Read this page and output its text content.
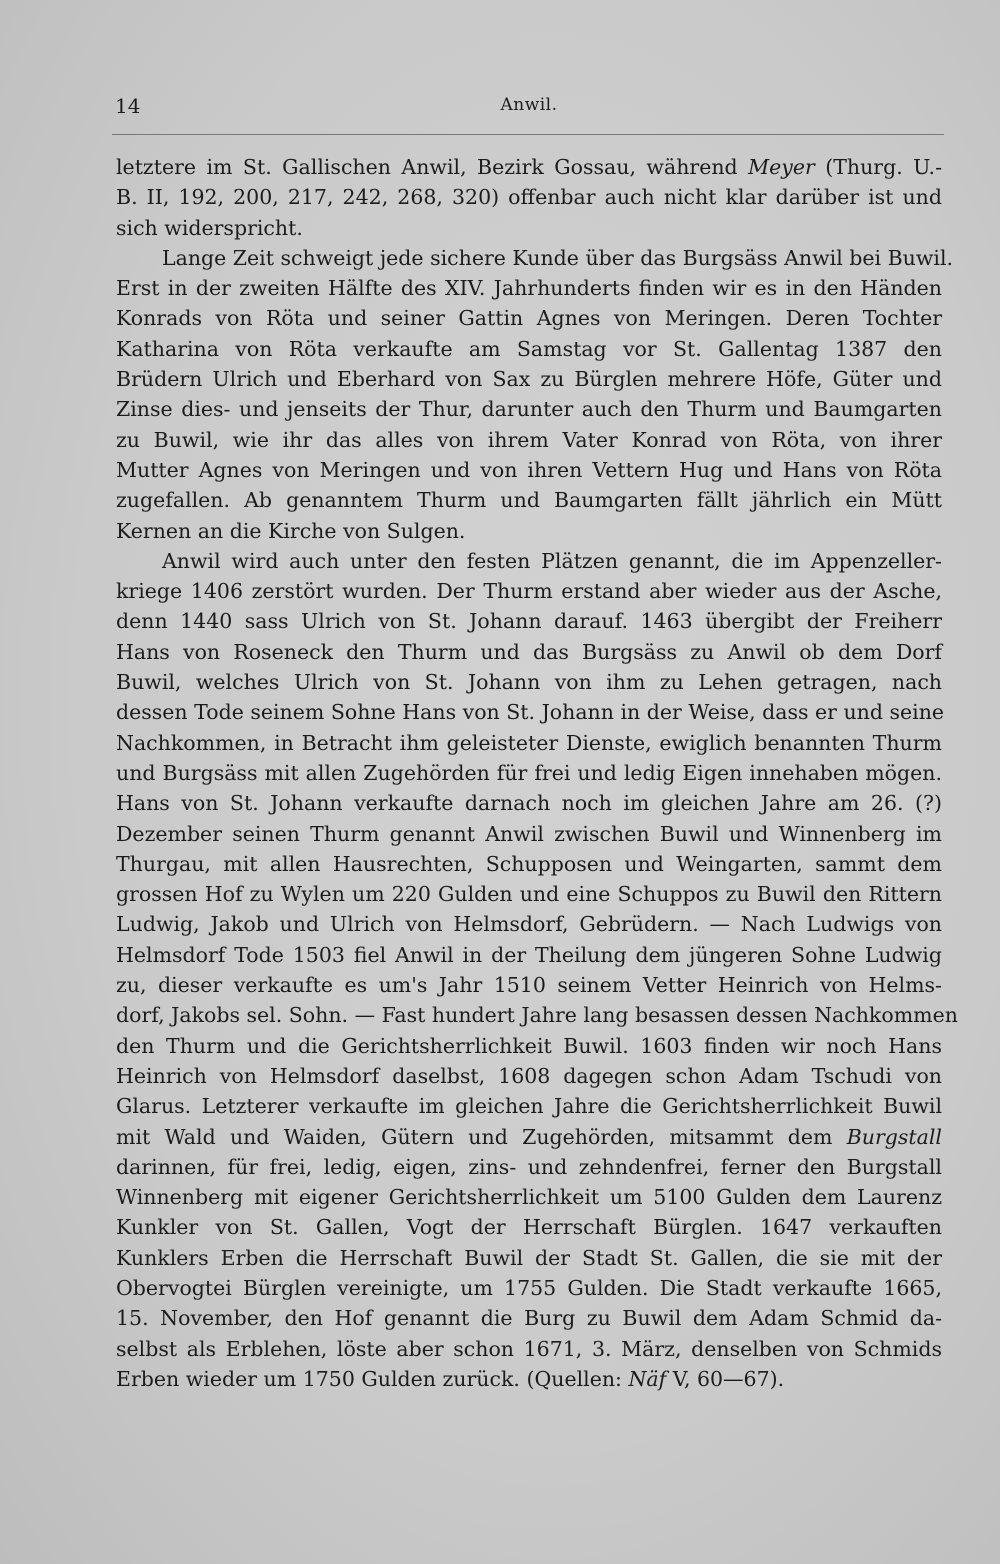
14	Anwil.

letztere im St. Gallischen Anwil, Bezirk Gossau, während Meyer (Thurg. U.-
B. II, 192, 200, 217, 242, 268, 320) offenbar auch nicht klar darüber ist und
sich widerspricht.

Lange Zeit schweigt jede sichere Kunde über das Burgsäss Anwil bei Buwil.
Erst in der zweiten Hälfte des XIV. Jahrhunderts finden wir es in den Händen
Konrads von Röta und seiner Gattin Agnes von Meringen. Deren Tochter
Katharina von Röta verkaufte am Samstag vor St. Gallentag 1387 den
Brüdern Ulrich und Eberhard von Sax zu Bürglen mehrere Höfe, Güter und
Zinse dies- und jenseits der Thur, darunter auch den Thurm und Baumgarten
zu Buwil, wie ihr das alles von ihrem Vater Konrad von Röta, von ihrer
Mutter Agnes von Meringen und von ihren Vettern Hug und Hans von Röta
zugefallen. Ab genanntem Thurm und Baumgarten fällt jährlich ein Mütt
Kernen an die Kirche von Sulgen.

Anwil wird auch unter den festen Plätzen genannt, die im Appenzeller-
kriege 1406 zerstört wurden. Der Thurm erstand aber wieder aus der Asche,
denn 1440 sass Ulrich von St. Johann darauf. 1463 übergibt der Freiherr
Hans von Roseneck den Thurm und das Burgsäss zu Anwil ob dem Dorf
Buwil, welches Ulrich von St. Johann von ihm zu Lehen getragen, nach
dessen Tode seinem Sohne Hans von St. Johann in der Weise, dass er und seine
Nachkommen, in Betracht ihm geleisteter Dienste, ewiglich benannten Thurm
und Burgsäss mit allen Zugehörden für frei und ledig Eigen innehaben mögen.
Hans von St. Johann verkaufte darnach noch im gleichen Jahre am 26. (?)
Dezember seinen Thurm genannt Anwil zwischen Buwil und Winnenberg im
Thurgau, mit allen Hausrechten, Schupposen und Weingarten, sammt dem
grossen Hof zu Wylen um 220 Gulden und eine Schuppos zu Buwil den Rittern
Ludwig, Jakob und Ulrich von Helmsdorf, Gebrüdern. — Nach Ludwigs von
Helmsdorf Tode 1503 fiel Anwil in der Theilung dem jüngeren Sohne Ludwig
zu, dieser verkaufte es um's Jahr 1510 seinem Vetter Heinrich von Helms-
dorf, Jakobs sel. Sohn. — Fast hundert Jahre lang besassen dessen Nachkommen
den Thurm und die Gerichtsherrlichkeit Buwil. 1603 finden wir noch Hans
Heinrich von Helmsdorf daselbst, 1608 dagegen schon Adam Tschudi von
Glarus. Letzterer verkaufte im gleichen Jahre die Gerichtsherrlichkeit Buwil
mit Wald und Waiden, Gütern und Zugehörden, mitsammt dem Burgstall
darinnen, für frei, ledig, eigen, zins- und zehndenfrei, ferner den Burgstall
Winnenberg mit eigener Gerichtsherrlichkeit um 5100 Gulden dem Laurenz
Kunkler von St. Gallen, Vogt der Herrschaft Bürglen. 1647 verkauften
Kunklers Erben die Herrschaft Buwil der Stadt St. Gallen, die sie mit der
Obervogtei Bürglen vereinigte, um 1755 Gulden. Die Stadt verkaufte 1665,
15. November, den Hof genannt die Burg zu Buwil dem Adam Schmid da-
selbst als Erblehen, löste aber schon 1671, 3. März, denselben von Schmids
Erben wieder um 1750 Gulden zurück. (Quellen: Näf V, 60—67).
